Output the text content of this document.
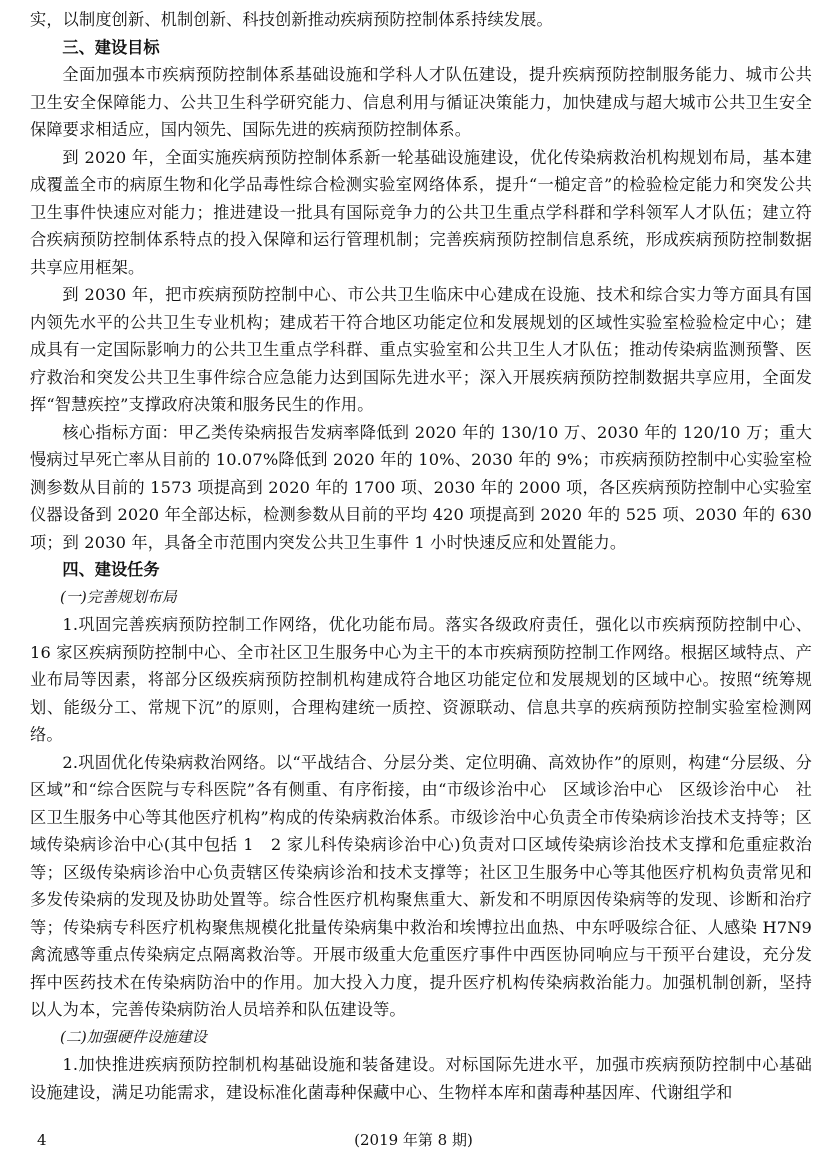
实，以制度创新、机制创新、科技创新推动疾病预防控制体系持续发展。

三、建设目标

全面加强本市疾病预防控制体系基础设施和学科人才队伍建设，提升疾病预防控制服务能力、城市公共卫生安全保障能力、公共卫生科学研究能力、信息利用与循证决策能力，加快建成与超大城市公共卫生安全保障要求相适应，国内领先、国际先进的疾病预防控制体系。

到 2020 年，全面实施疾病预防控制体系新一轮基础设施建设，优化传染病救治机构规划布局，基本建成覆盖全市的病原生物和化学品毒性综合检测实验室网络体系，提升“一槌定音”的检验检定能力和突发公共卫生事件快速应对能力；推进建设一批具有国际竞争力的公共卫生重点学科群和学科领军人才队伍；建立符合疾病预防控制体系特点的投入保障和运行管理机制；完善疾病预防控制信息系统，形成疾病预防控制数据共享应用框架。

到 2030 年，把市疾病预防控制中心、市公共卫生临床中心建成在设施、技术和综合实力等方面具有国内领先水平的公共卫生专业机构；建成若干符合地区功能定位和发展规划的区域性实验室检验检定中心；建成具有一定国际影响力的公共卫生重点学科群、重点实验室和公共卫生人才队伍；推动传染病监测预警、医疗救治和突发公共卫生事件综合应急能力达到国际先进水平；深入开展疾病预防控制数据共享应用，全面发挥“智慧疾控”支撑政府决策和服务民生的作用。

核心指标方面：甲乙类传染病报告发病率降低到 2020 年的 130/10 万、2030 年的 120/10 万；重大慢病过早死亡率从目前的 10.07%降低到 2020 年的 10%、2030 年的 9%；市疾病预防控制中心实验室检测参数从目前的 1573 项提高到 2020 年的 1700 项、2030 年的 2000 项，各区疾病预防控制中心实验室仪器设备到 2020 年全部达标，检测参数从目前的平均 420 项提高到 2020 年的 525 项、2030 年的 630 项；到 2030 年，具备全市范围内突发公共卫生事件 1 小时快速反应和处置能力。

四、建设任务

(一)完善规划布局

1.巩固完善疾病预防控制工作网络，优化功能布局。落实各级政府责任，强化以市疾病预防控制中心、16 家区疾病预防控制中心、全市社区卫生服务中心为主干的本市疾病预防控制工作网络。根据区域特点、产业布局等因素，将部分区级疾病预防控制机构建成符合地区功能定位和发展规划的区域中心。按照“统筹规划、能级分工、常规下沉”的原则，合理构建统一质控、资源联动、信息共享的疾病预防控制实验室检测网络。

2.巩固优化传染病救治网络。以“平战结合、分层分类、定位明确、高效协作”的原则，构建“分层级、分区域”和“综合医院与专科医院”各有侧重、有序衔接，由“市级诊治中心　区域诊治中心　区级诊治中心　社区卫生服务中心等其他医疗机构”构成的传染病救治体系。市级诊治中心负责全市传染病诊治技术支持等；区域传染病诊治中心(其中包括 1　2 家儿科传染病诊治中心)负责对口区域传染病诊治技术支撑和危重症救治等；区级传染病诊治中心负责辖区传染病诊治和技术支撑等；社区卫生服务中心等其他医疗机构负责常见和多发传染病的发现及协助处置等。综合性医疗机构聚焦重大、新发和不明原因传染病等的发现、诊断和治疗等；传染病专科医疗机构聚焦规模化批量传染病集中救治和埃博拉出血热、中东呼吸综合征、人感染 H7N9 禽流感等重点传染病定点隔离救治等。开展市级重大危重医疗事件中西医协同响应与干预平台建设，充分发挥中医药技术在传染病防治中的作用。加大投入力度，提升医疗机构传染病救治能力。加强机制创新，坚持以人为本，完善传染病防治人员培养和队伍建设等。

(二)加强硬件设施建设

1.加快推进疾病预防控制机构基础设施和装备建设。对标国际先进水平，加强市疾病预防控制中心基础设施建设，满足功能需求，建设标准化菌毒种保藏中心、生物样本库和菌毒种基因库、代谢组学和

4	(2019 年第 8 期)
